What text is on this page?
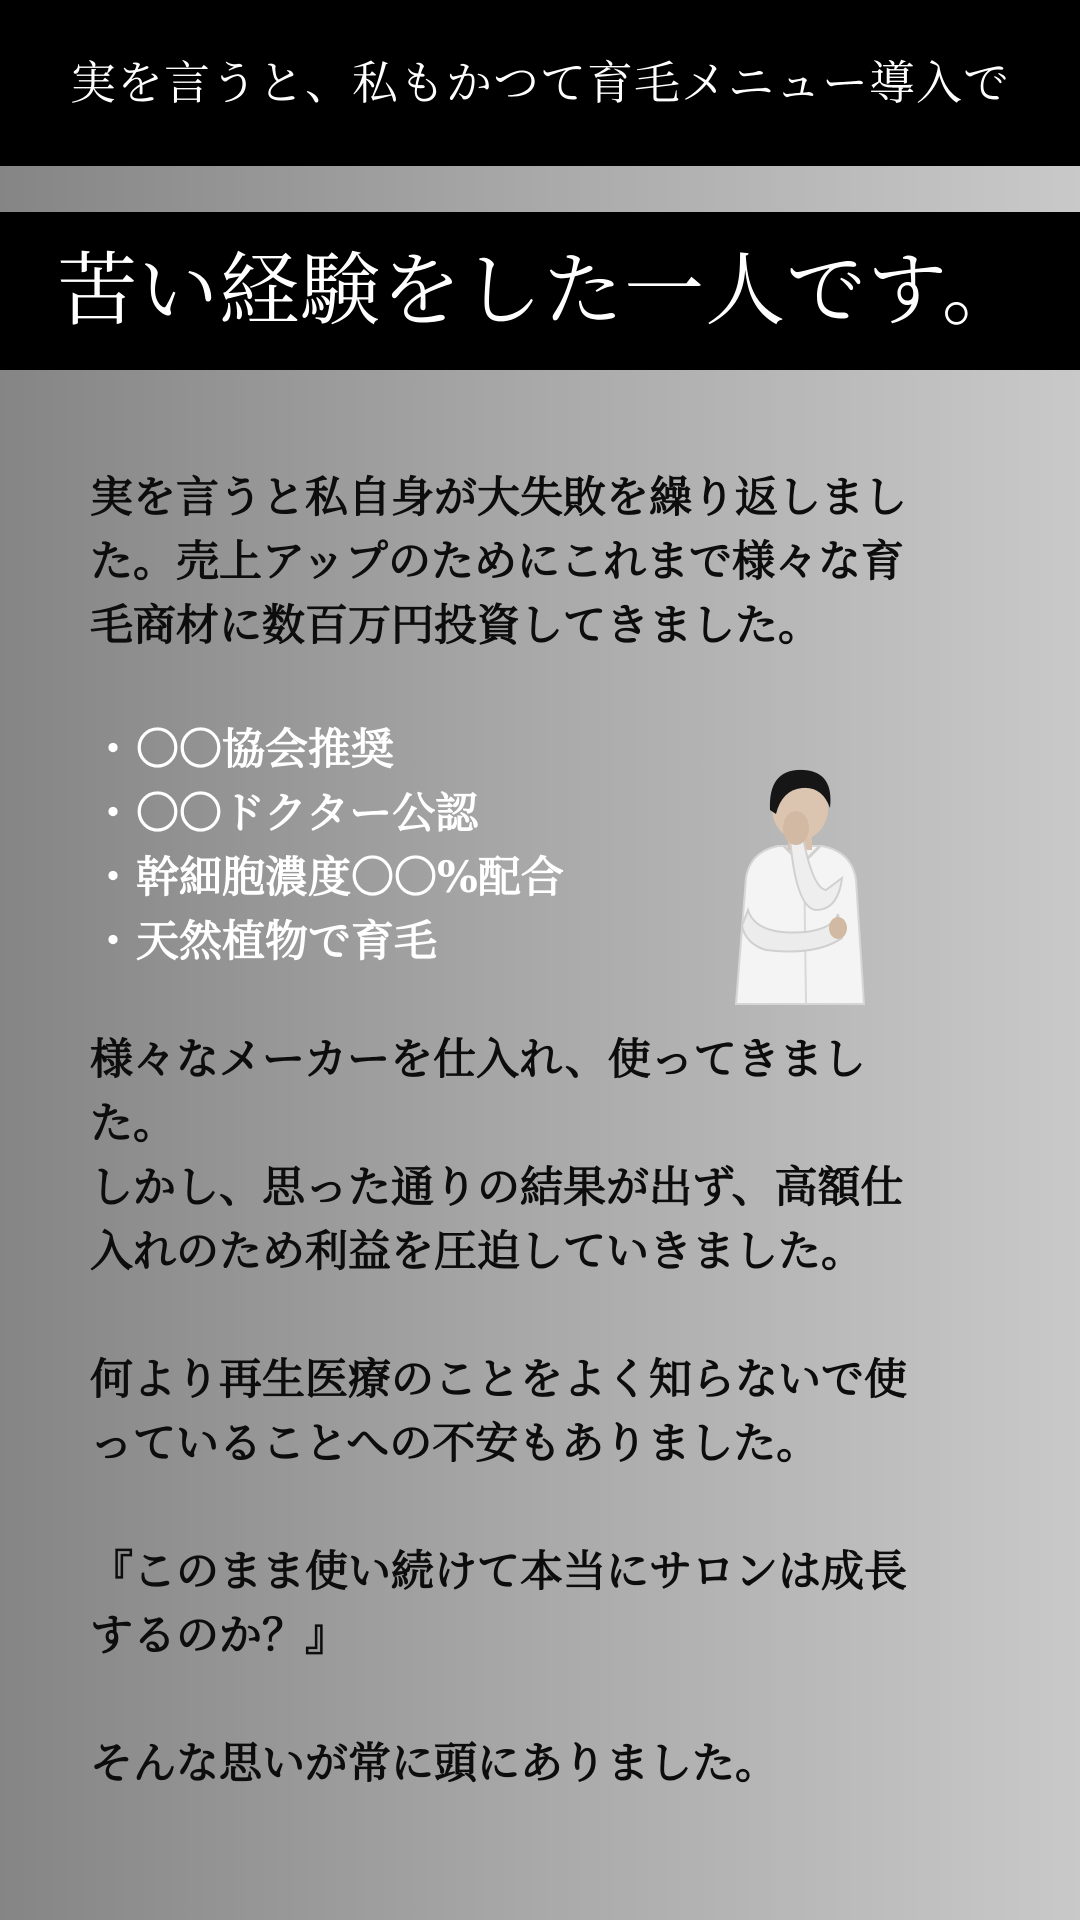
実を言うと、私もかつて育毛メニュー導入で
苦い経験をした一人です。

実を言うと私自身が大失敗を繰り返しまし
た。売上アップのためにこれまで様々な育
毛商材に数百万円投資してきました。

・〇〇協会推奨
・〇〇ドクター公認
・幹細胞濃度〇〇%配合
・天然植物で育毛

様々なメーカーを仕入れ、使ってきまし
た。
しかし、思った通りの結果が出ず、高額仕
入れのため利益を圧迫していきました。

何より再生医療のことをよく知らないで使
っていることへの不安もありました。

『このまま使い続けて本当にサロンは成長
するのか？』

そんな思いが常に頭にありました。
